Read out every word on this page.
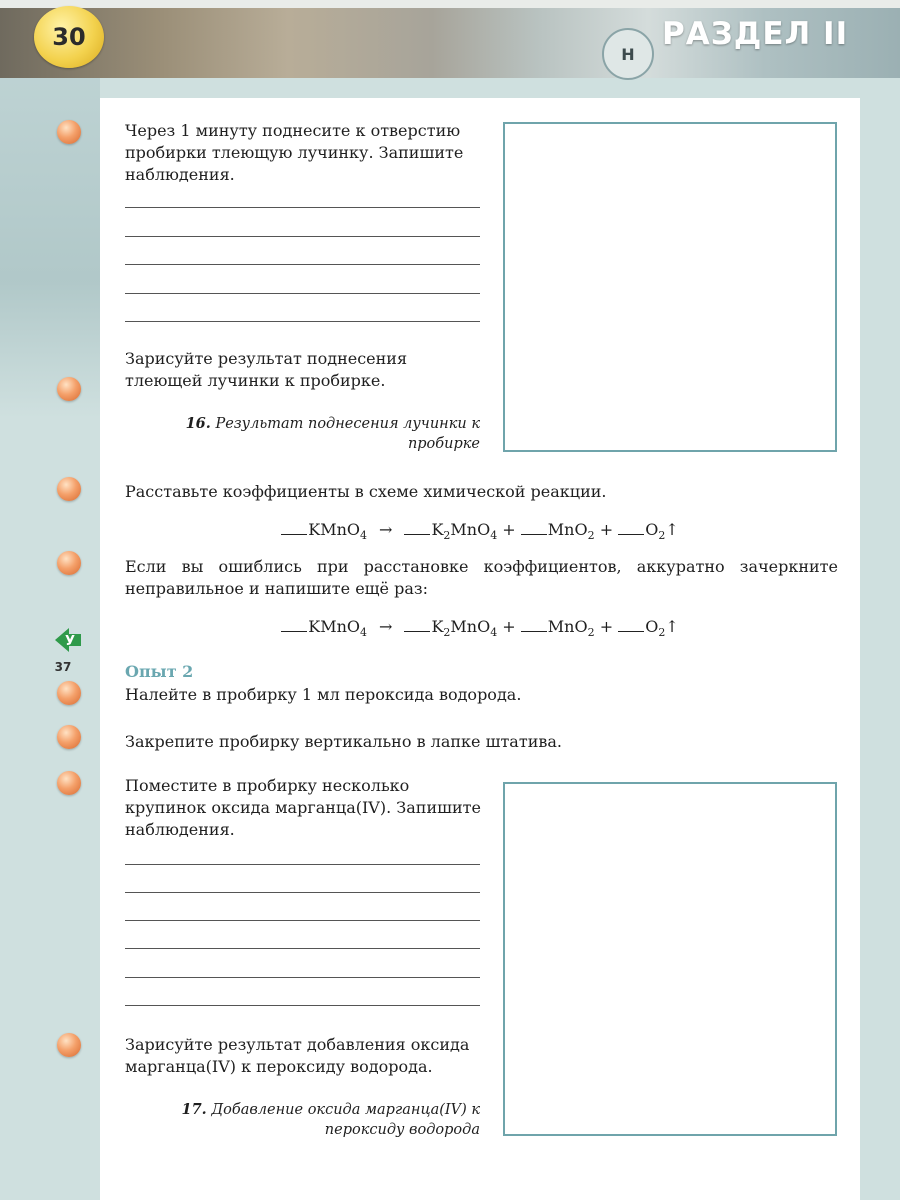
30
H
РАЗДЕЛ II
Через 1 минуту поднесите к отверстию пробирки тлеющую лучинку. Запишите наблюдения.
Зарисуйте результат поднесения тлеющей лучинки к пробирке.
16. Результат поднесения лучинки к пробирке
Расставьте коэффициенты в схеме химической реакции.
KMnO$_4$ → $K_2MnO_4 + MnO_2$ + $O_2↑$
Если вы ошиблись при расстановке коэффициентов, аккуратно зачеркните неправильное и напишите ещё раз:
KMnO$_4$ → $K_2MnO_4 + MnO_2$ + $O_2↑$
У
37	Опыт 2
Налейте в пробирку 1 мл пероксида водорода.
Закрепите пробирку вертикально в лапке штатива.
Поместите в пробирку несколько крупинок оксида марганца(IV). Запишите наблюдения.
Зарисуйте результат добавления оксида марганца(IV) к пероксиду водорода.
17. Добавление оксида марганца(IV) к пероксиду водорода
